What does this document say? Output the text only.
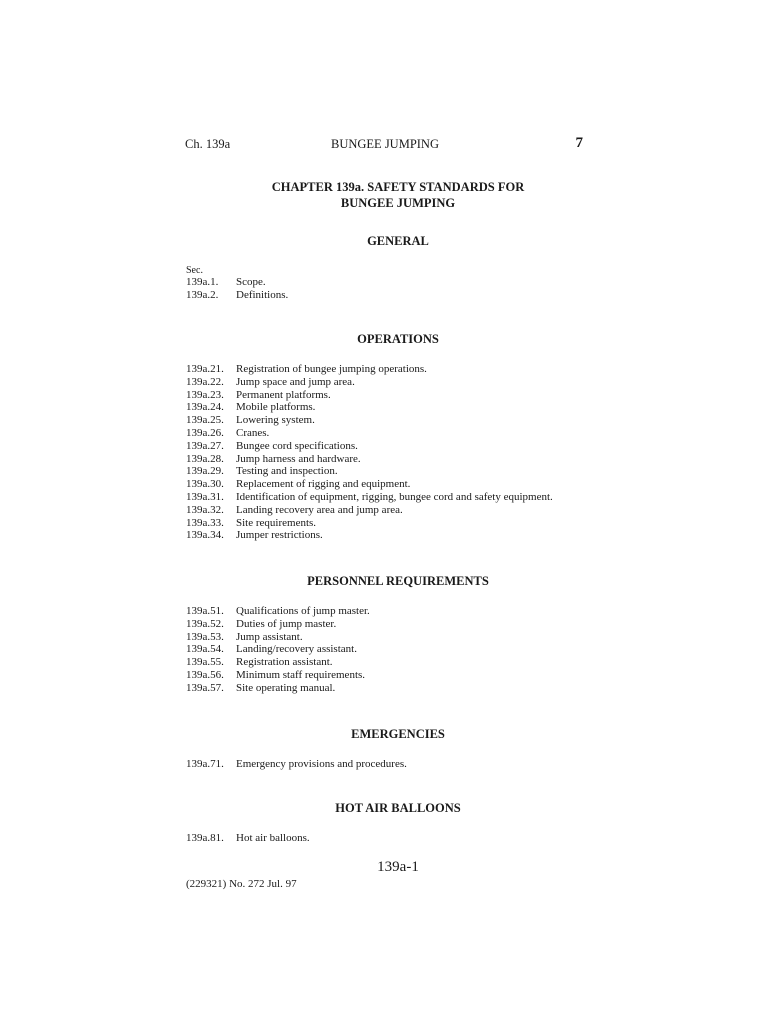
Ch. 139a	BUNGEE JUMPING	7
CHAPTER 139a. SAFETY STANDARDS FOR
BUNGEE JUMPING
GENERAL
Sec.
139a.1. Scope.
139a.2. Definitions.
OPERATIONS
139a.21. Registration of bungee jumping operations.
139a.22. Jump space and jump area.
139a.23. Permanent platforms.
139a.24. Mobile platforms.
139a.25. Lowering system.
139a.26. Cranes.
139a.27. Bungee cord specifications.
139a.28. Jump harness and hardware.
139a.29. Testing and inspection.
139a.30. Replacement of rigging and equipment.
139a.31. Identification of equipment, rigging, bungee cord and safety equipment.
139a.32. Landing recovery area and jump area.
139a.33. Site requirements.
139a.34. Jumper restrictions.
PERSONNEL REQUIREMENTS
139a.51. Qualifications of jump master.
139a.52. Duties of jump master.
139a.53. Jump assistant.
139a.54. Landing/recovery assistant.
139a.55. Registration assistant.
139a.56. Minimum staff requirements.
139a.57. Site operating manual.
EMERGENCIES
139a.71. Emergency provisions and procedures.
HOT AIR BALLOONS
139a.81. Hot air balloons.
139a-1
(229321) No. 272 Jul. 97
